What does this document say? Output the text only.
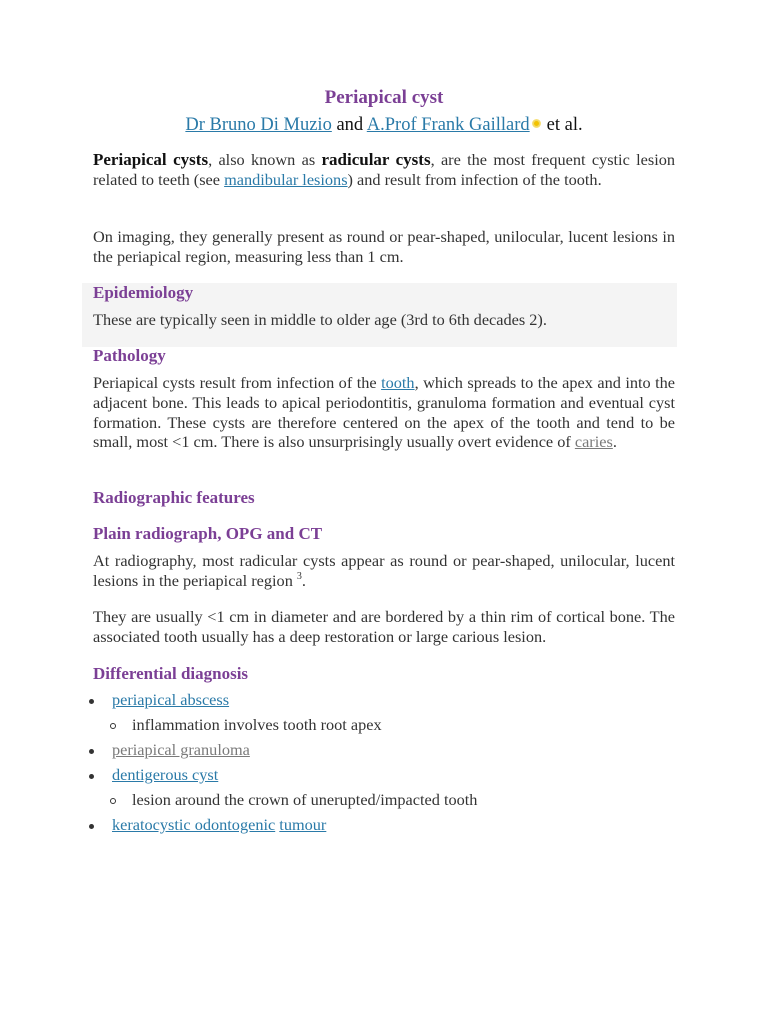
Periapical cyst
Dr Bruno Di Muzio and A.Prof Frank Gaillard et al.
Periapical cysts, also known as radicular cysts, are the most frequent cystic lesion related to teeth (see mandibular lesions) and result from infection of the tooth.
On imaging, they generally present as round or pear-shaped, unilocular, lucent lesions in the periapical region, measuring less than 1 cm.
Epidemiology
These are typically seen in middle to older age (3rd to 6th decades 2).
Pathology
Periapical cysts result from infection of the tooth, which spreads to the apex and into the adjacent bone. This leads to apical periodontitis, granuloma formation and eventual cyst formation. These cysts are therefore centered on the apex of the tooth and tend to be small, most <1 cm. There is also unsurprisingly usually overt evidence of caries.
Radiographic features
Plain radiograph, OPG and CT
At radiography, most radicular cysts appear as round or pear-shaped, unilocular, lucent lesions in the periapical region $^3$.
They are usually <1 cm in diameter and are bordered by a thin rim of cortical bone. The associated tooth usually has a deep restoration or large carious lesion.
Differential diagnosis
periapical abscess
inflammation involves tooth root apex
periapical granuloma
dentigerous cyst
lesion around the crown of unerupted/impacted tooth
keratocystic odontogenic tumour
